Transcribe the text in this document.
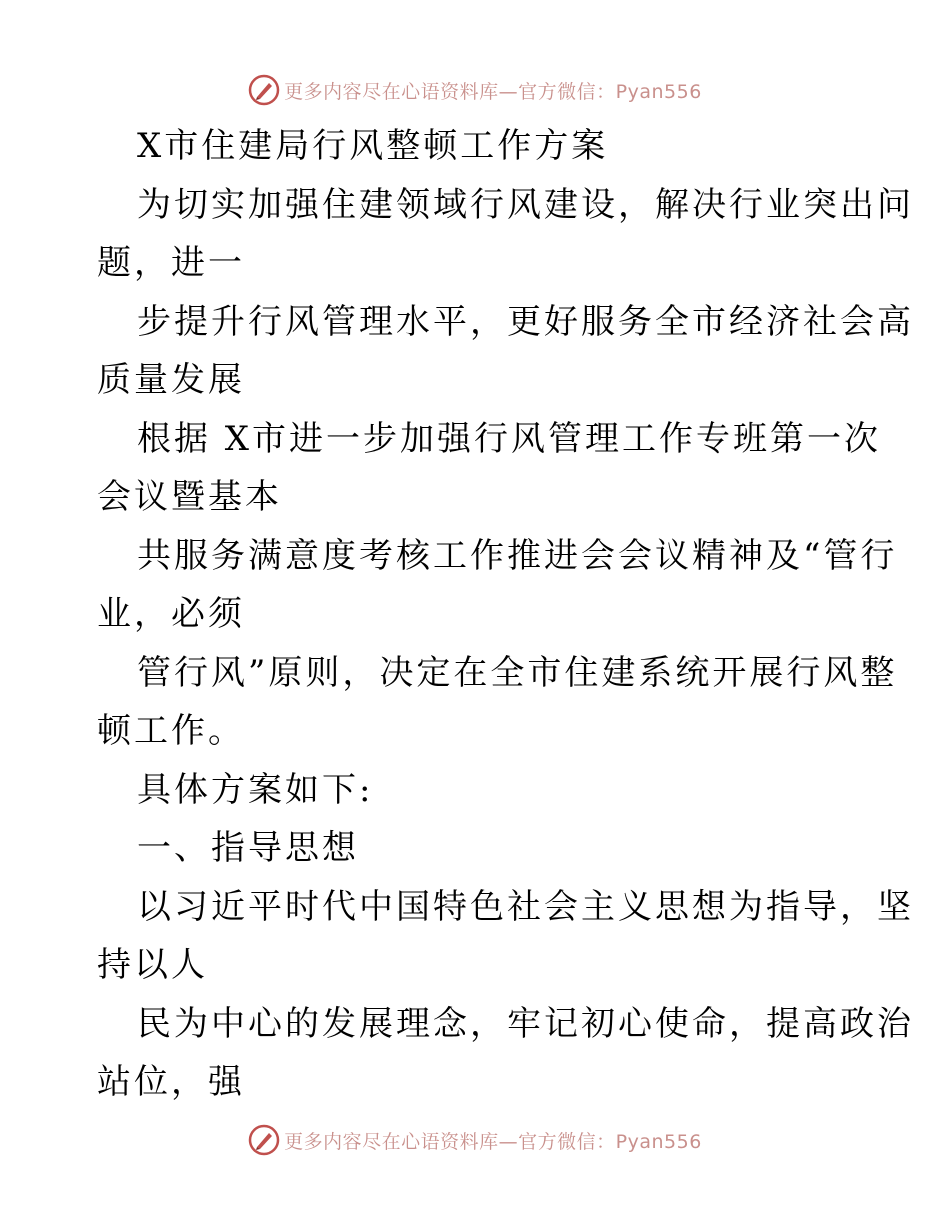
更多内容尽在心语资料库—官方微信：Pyan556
X市住建局行风整顿工作方案
为切实加强住建领域行风建设，解决行业突出问
题，进一
步提升行风管理水平，更好服务全市经济社会高
质量发展
根据 X市进一步加强行风管理工作专班第一次
会议暨基本
共服务满意度考核工作推进会会议精神及“管行
业，必须
管行风”原则，决定在全市住建系统开展行风整
顿工作。
具体方案如下:
一、指导思想
以习近平时代中国特色社会主义思想为指导，坚
持以人
民为中心的发展理念，牢记初心使命，提高政治
站位，强
更多内容尽在心语资料库—官方微信：Pyan556
